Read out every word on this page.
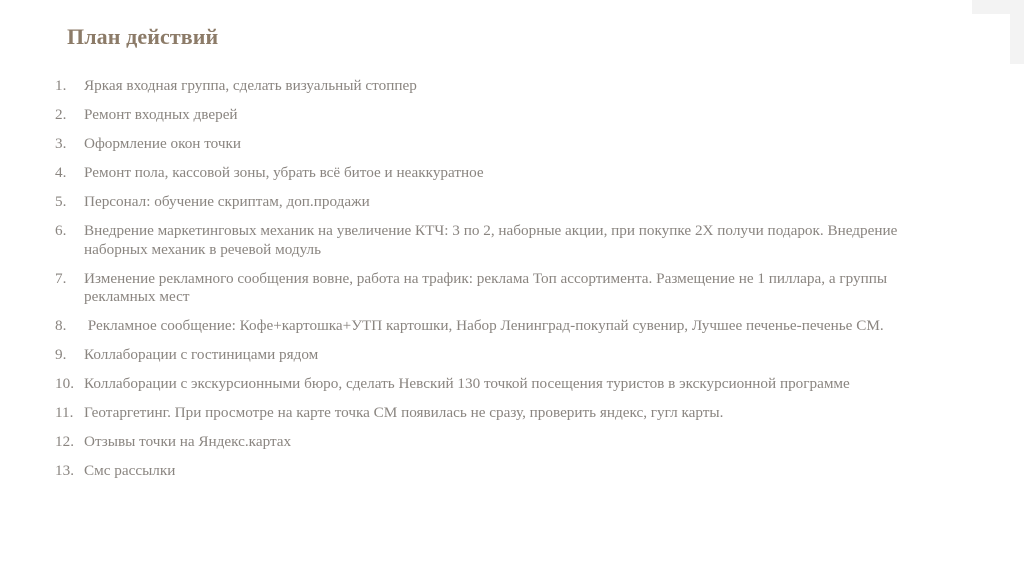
План действий
1.	Яркая входная группа, сделать визуальный стоппер
2.	Ремонт входных дверей
3.	Оформление окон точки
4.	Ремонт пола, кассовой зоны, убрать всё битое и неаккуратное
5.	Персонал: обучение скриптам, доп.продажи
6.	Внедрение маркетинговых механик на увеличение КТЧ: 3 по 2, наборные акции, при покупке 2Х получи подарок. Внедрение наборных механик в речевой модуль
7.	Изменение рекламного сообщения вовне, работа на трафик: реклама Топ ассортимента. Размещение не 1 пиллара, а группы рекламных мест
8.	Рекламное сообщение: Кофе+картошка+УТП картошки, Набор Ленинград-покупай сувенир, Лучшее печенье-печенье СМ.
9.	Коллаборации с гостиницами рядом
10. Коллаборации с экскурсионными бюро, сделать Невский 130 точкой посещения туристов в экскурсионной программе
11. Геотаргетинг. При просмотре на карте точка СМ появилась не сразу, проверить яндекс, гугл карты.
12. Отзывы точки на Яндекс.картах
13. Смс рассылки
